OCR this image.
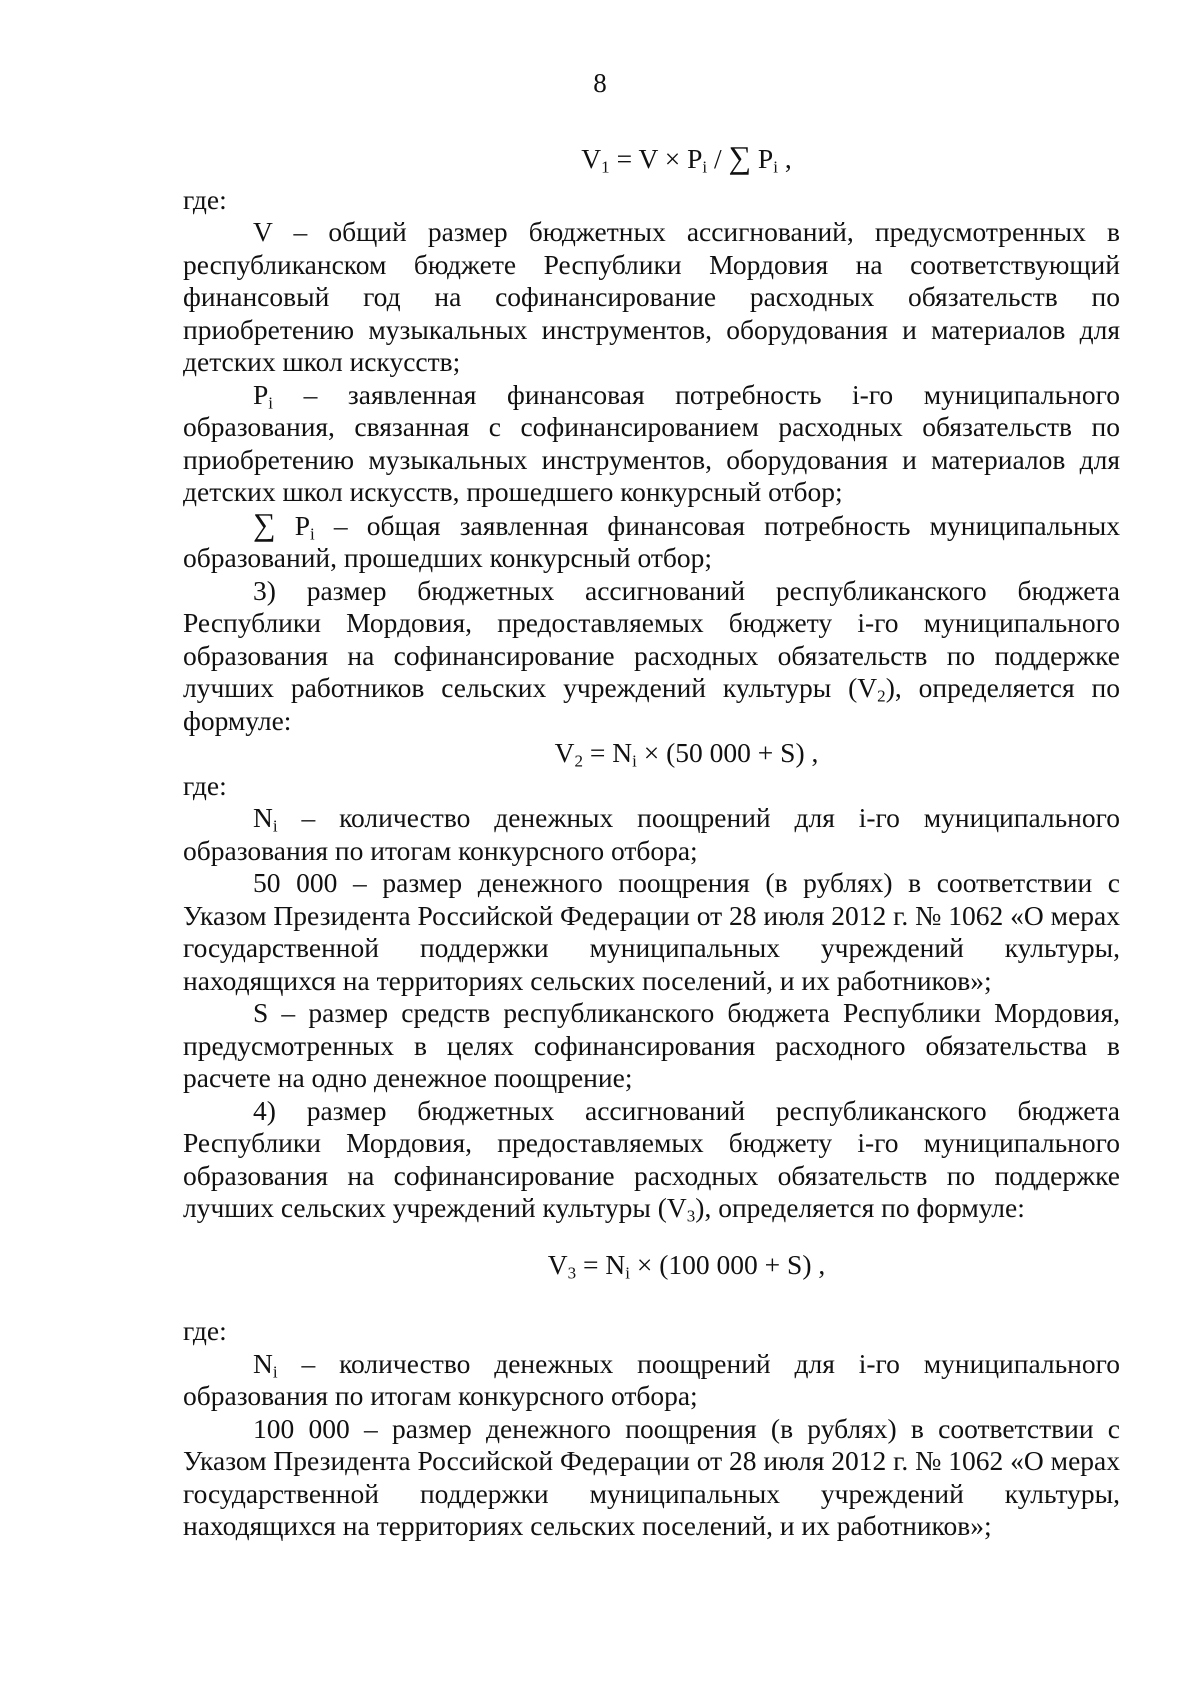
8

$V_1 = V \times P_i$ / ∑ $P_i$ ,

где:

V – общий размер бюджетных ассигнований, предусмотренных в республиканском бюджете Республики Мордовия на соответствующий финансовый год на софинансирование расходных обязательств по приобретению музыкальных инструментов, оборудования и материалов для детских школ искусств;

$P_i$ – заявленная финансовая потребность i-го муниципального образования, связанная с софинансированием расходных обязательств по приобретению музыкальных инструментов, оборудования и материалов для детских школ искусств, прошедшего конкурсный отбор;

∑ $P_i$ – общая заявленная финансовая потребность муниципальных образований, прошедших конкурсный отбор;

3) размер бюджетных ассигнований республиканского бюджета Республики Мордовия, предоставляемых бюджету i-го муниципального образования на софинансирование расходных обязательств по поддержке лучших работников сельских учреждений культуры $(V_2)$, определяется по формуле:

$V_2 = N_i \times (50$ 000 + S) ,

где:

$N_i$ – количество денежных поощрений для i-го муниципального образования по итогам конкурсного отбора;

50 000 – размер денежного поощрения (в рублях) в соответствии с Указом Президента Российской Федерации от 28 июля 2012 г. № 1062 «О мерах государственной поддержки муниципальных учреждений культуры, находящихся на территориях сельских поселений, и их работников»;

S – размер средств республиканского бюджета Республики Мордовия, предусмотренных в целях софинансирования расходного обязательства в расчете на одно денежное поощрение;

4) размер бюджетных ассигнований республиканского бюджета Республики Мордовия, предоставляемых бюджету i-го муниципального образования на софинансирование расходных обязательств по поддержке лучших сельских учреждений культуры $(V_3)$, определяется по формуле:

$V_3 = N_i \times (100$ 000 + S) ,

где:

$N_i$ – количество денежных поощрений для i-го муниципального образования по итогам конкурсного отбора;

100 000 – размер денежного поощрения (в рублях) в соответствии с Указом Президента Российской Федерации от 28 июля 2012 г. № 1062 «О мерах государственной поддержки муниципальных учреждений культуры, находящихся на территориях сельских поселений, и их работников»;
